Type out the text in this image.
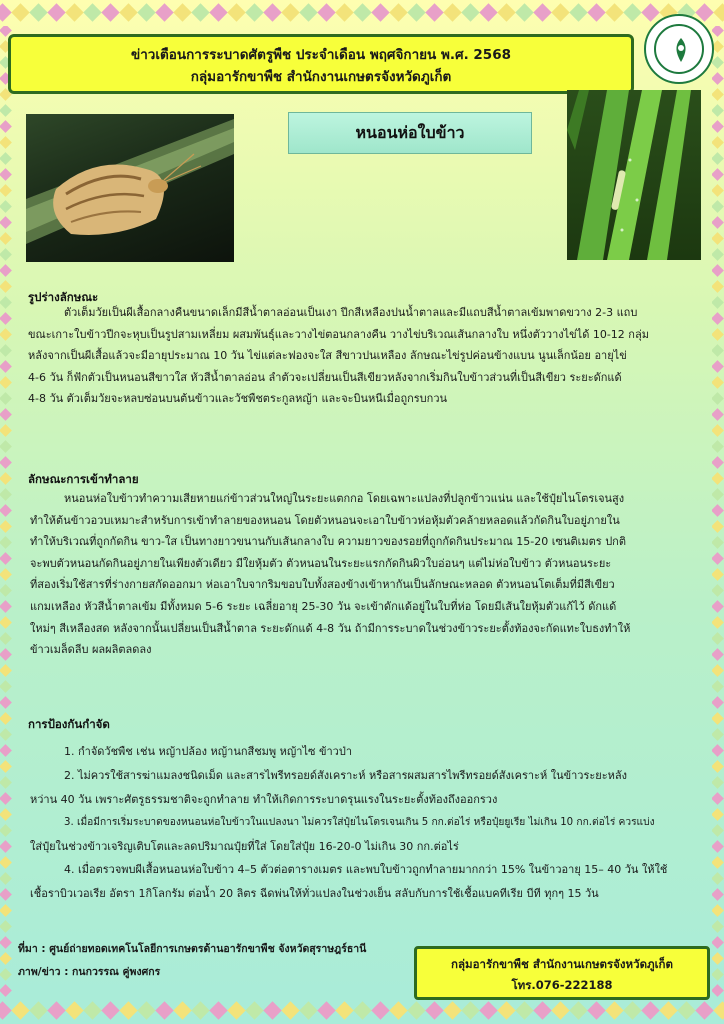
ข่าวเตือนการระบาดศัตรูพืช ประจำเดือน พฤศจิกายน พ.ศ. 2568
กลุ่มอารักขาพืช สำนักงานเกษตรจังหวัดภูเก็ต
หนอนห่อใบข้าว
รูปร่างลักษณะ
ตัวเต็มวัยเป็นผีเสื้อกลางคืนขนาดเล็กมีสีน้ำตาลอ่อนเป็นเงา ปีกสีเหลืองปนน้ำตาลและมีแถบสีน้ำตาลเข้มพาดขวาง 2-3 แถบ
ขณะเกาะใบข้าวปีกจะหุบเป็นรูปสามเหลี่ยม ผสมพันธุ์และวางไข่ตอนกลางคืน วางไข่บริเวณเส้นกลางใบ หนึ่งตัววางไข่ได้ 10-12 กลุ่ม
หลังจากเป็นผีเสื้อแล้วจะมีอายุประมาณ 10 วัน ไข่แต่ละฟองจะใส สีขาวปนเหลือง ลักษณะไข่รูปค่อนข้างแบน นูนเล็กน้อย อายุไข่
4-6 วัน ก็ฟักตัวเป็นหนอนสีขาวใส หัวสีน้ำตาลอ่อน ลำตัวจะเปลี่ยนเป็นสีเขียวหลังจากเริ่มกินใบข้าวส่วนที่เป็นสีเขียว ระยะดักแด้
4-8 วัน ตัวเต็มวัยจะหลบซ่อนบนต้นข้าวและวัชพืชตระกูลหญ้า และจะบินหนีเมื่อถูกรบกวน
ลักษณะการเข้าทำลาย
หนอนห่อใบข้าวทำความเสียหายแก่ข้าวส่วนใหญ่ในระยะแตกกอ โดยเฉพาะแปลงที่ปลูกข้าวแน่น และใช้ปุ๋ยไนโตรเจนสูง
ทำให้ต้นข้าวอวบเหมาะสำหรับการเข้าทำลายของหนอน โดยตัวหนอนจะเอาใบข้าวห่อหุ้มตัวคล้ายหลอดแล้วกัดกินใบอยู่ภายใน
ทำให้บริเวณที่ถูกกัดกิน ขาว-ใส เป็นทางยาวขนานกับเส้นกลางใบ ความยาวของรอยที่ถูกกัดกินประมาณ 15-20 เซนติเมตร ปกติ
จะพบตัวหนอนกัดกินอยู่ภายในเพียงตัวเดียว มีใยหุ้มตัว ตัวหนอนในระยะแรกกัดกินผิวใบอ่อนๆ แต่ไม่ห่อใบข้าว ตัวหนอนระยะ
ที่สองเริ่มใช้สารที่ร่างกายสกัดออกมา ห่อเอาใบจากริมขอบใบทั้งสองข้างเข้าหากันเป็นลักษณะหลอด ตัวหนอนโตเต็มที่มีสีเขียว
แกมเหลือง หัวสีน้ำตาลเข้ม มีทั้งหมด 5-6 ระยะ เฉลี่ยอายุ 25-30 วัน จะเข้าดักแด้อยู่ในใบที่ห่อ โดยมีเส้นใยหุ้มตัวแก้ไว้ ดักแด้
ใหม่ๆ สีเหลืองสด หลังจากนั้นเปลี่ยนเป็นสีน้ำตาล ระยะดักแด้ 4-8 วัน ถ้ามีการระบาดในช่วงข้าวระยะตั้งท้องจะกัดแทะใบธงทำให้
ข้าวเมล็ดลีบ ผลผลิตลดลง
การป้องกันกำจัด
1. กำจัดวัชพืช เช่น หญ้าปล้อง หญ้านกสีชมพู หญ้าไซ ข้าวป่า
2. ไม่ควรใช้สารฆ่าแมลงชนิดเม็ด และสารไพรีทรอยด์สังเคราะห์ หรือสารผสมสารไพรีทรอยด์สังเคราะห์ ในข้าวระยะหลัง
หว่าน 40 วัน เพราะศัตรูธรรมชาติจะถูกทำลาย ทำให้เกิดการระบาดรุนแรงในระยะตั้งท้องถึงออกรวง
3. เมื่อมีการเริ่มระบาดของหนอนห่อใบข้าวในแปลงนา ไม่ควรใส่ปุ๋ยไนโตรเจนเกิน 5 กก.ต่อไร่ หรือปุ๋ยยูเรีย ไม่เกิน 10 กก.ต่อไร่ ควรแบ่ง
ใส่ปุ๋ยในช่วงข้าวเจริญเติบโตและลดปริมาณปุ๋ยที่ใส่ โดยใส่ปุ๋ย 16-20-0 ไม่เกิน 30 กก.ต่อไร่
4. เมื่อตรวจพบผีเสื้อหนอนห่อใบข้าว 4–5 ตัวต่อตารางเมตร และพบใบข้าวถูกทำลายมากกว่า 15% ในข้าวอายุ 15– 40 วัน ให้ใช้
เชื้อราบิวเวอเรีย อัตรา 1กิโลกรัม ต่อน้ำ 20 ลิตร ฉีดพ่นให้ทั่วแปลงในช่วงเย็น สลับกับการใช้เชื้อแบคทีเรีย บีที ทุกๆ 15 วัน
ที่มา : ศูนย์ถ่ายทอดเทคโนโลยีการเกษตรด้านอารักขาพืช จังหวัดสุราษฎร์ธานี
ภาพ/ข่าว : กนกวรรณ คู่พงศกร
กลุ่มอารักขาพืช สำนักงานเกษตรจังหวัดภูเก็ต
โทร.076-222188
